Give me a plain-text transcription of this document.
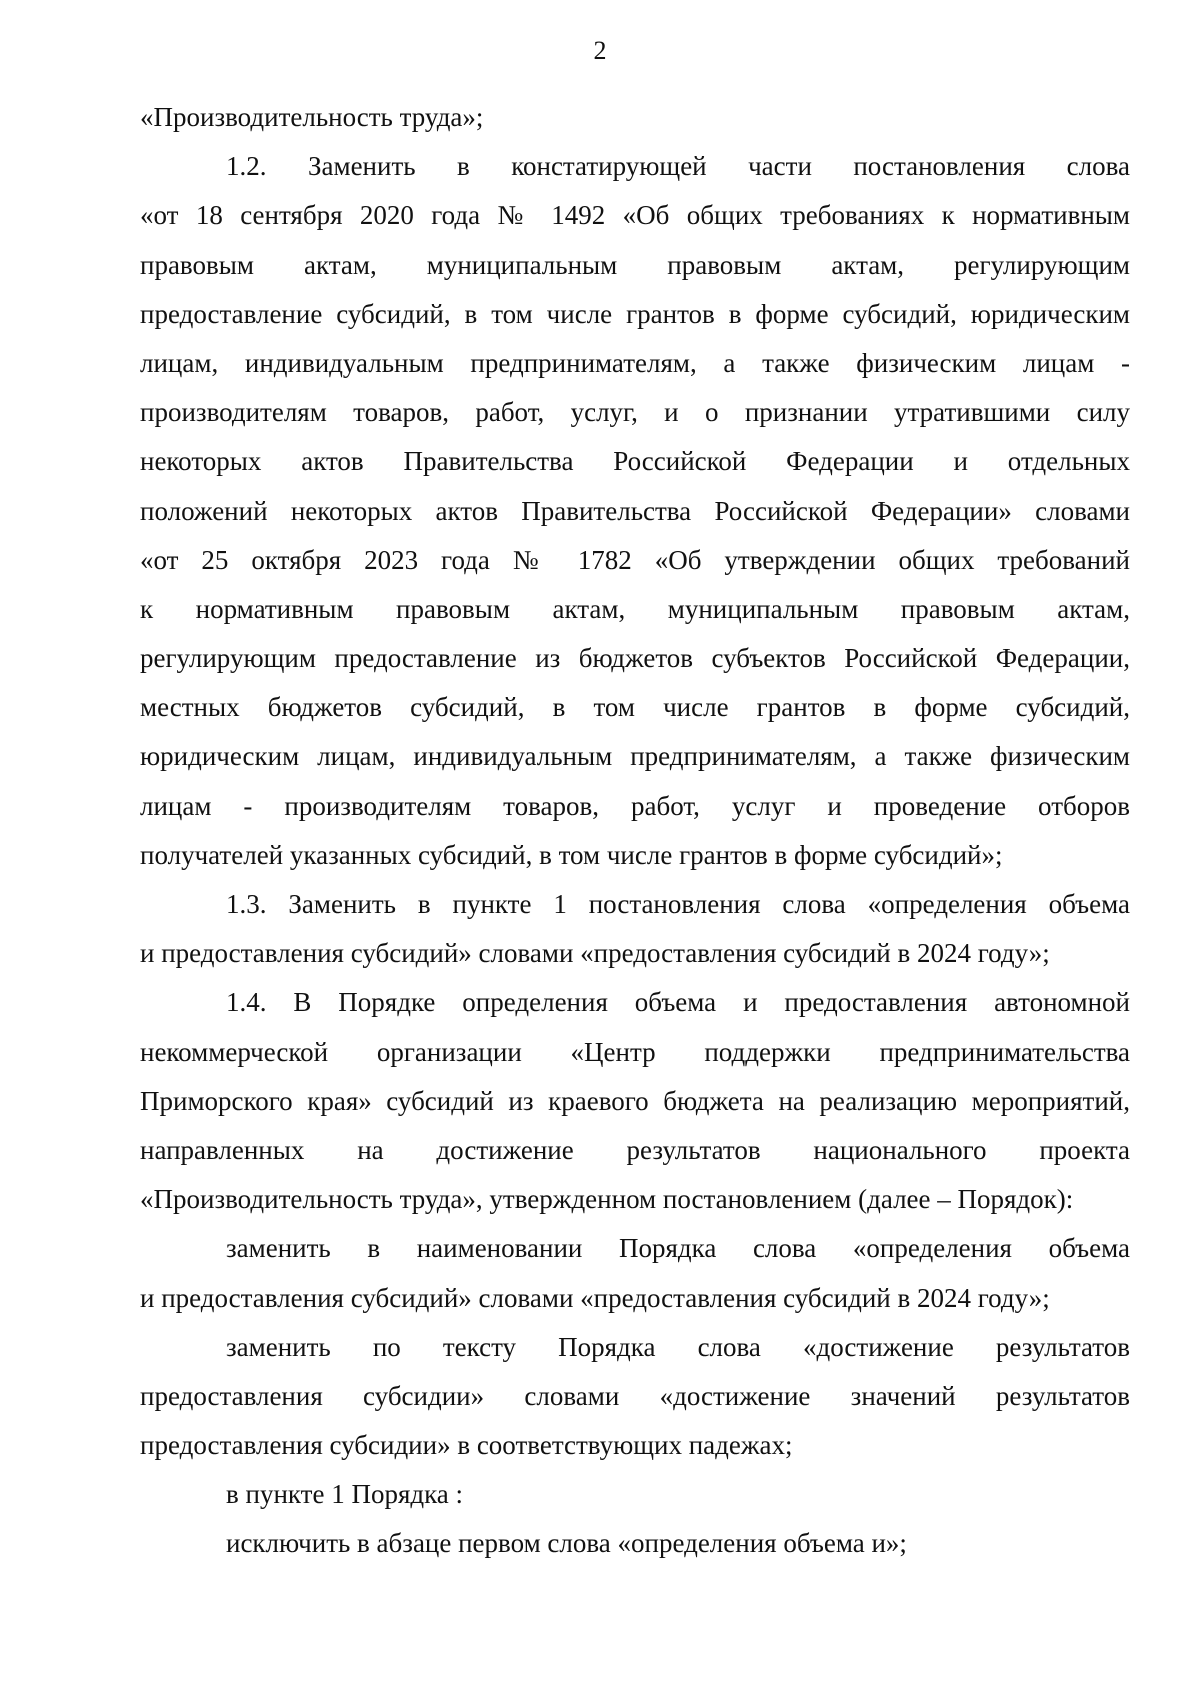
2
«Производительность труда»;
1.2. Заменить в констатирующей части постановления слова
«от 18 сентября 2020 года № 1492 «Об общих требованиях к нормативным
правовым актам, муниципальным правовым актам, регулирующим
предоставление субсидий, в том числе грантов в форме субсидий, юридическим
лицам, индивидуальным предпринимателям, а также физическим лицам -
производителям товаров, работ, услуг, и о признании утратившими силу
некоторых актов Правительства Российской Федерации и отдельных
положений некоторых актов Правительства Российской Федерации» словами
«от 25 октября 2023 года № 1782 «Об утверждении общих требований
к нормативным правовым актам, муниципальным правовым актам,
регулирующим предоставление из бюджетов субъектов Российской Федерации,
местных бюджетов субсидий, в том числе грантов в форме субсидий,
юридическим лицам, индивидуальным предпринимателям, а также физическим
лицам - производителям товаров, работ, услуг и проведение отборов
получателей указанных субсидий, в том числе грантов в форме субсидий»;
1.3. Заменить в пункте 1 постановления слова «определения объема
и предоставления субсидий» словами «предоставления субсидий в 2024 году»;
1.4. В Порядке определения объема и предоставления автономной
некоммерческой организации «Центр поддержки предпринимательства
Приморского края» субсидий из краевого бюджета на реализацию мероприятий,
направленных на достижение результатов национального проекта
«Производительность труда», утвержденном постановлением (далее – Порядок):
заменить в наименовании Порядка слова «определения объема
и предоставления субсидий» словами «предоставления субсидий в 2024 году»;
заменить по тексту Порядка слова «достижение результатов
предоставления субсидии» словами «достижение значений результатов
предоставления субсидии» в соответствующих падежах;
в пункте 1 Порядка :
исключить в абзаце первом слова «определения объема и»;
